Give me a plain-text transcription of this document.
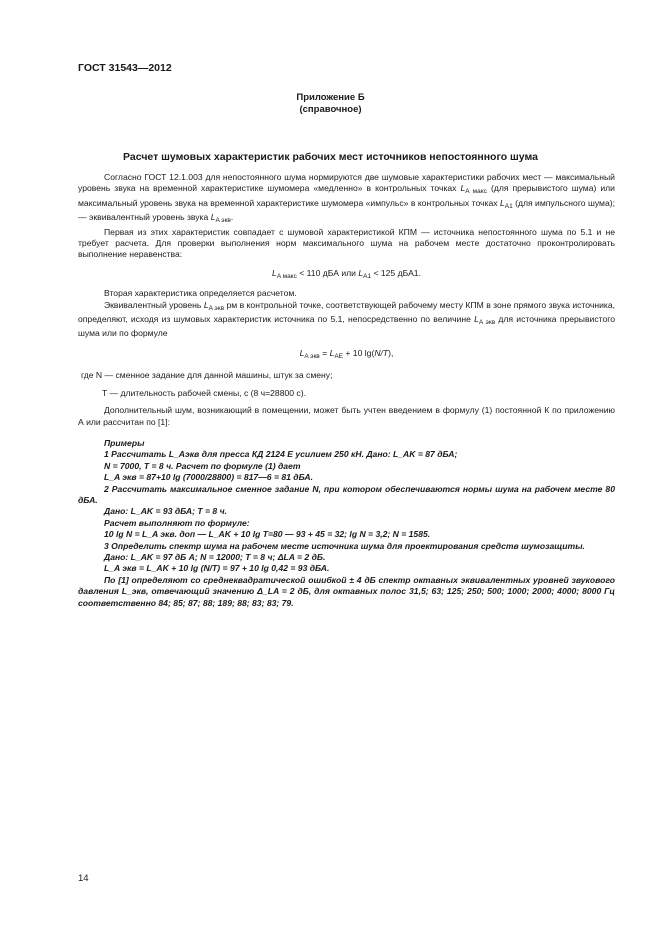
ГОСТ 31543—2012
Приложение Б
(справочное)
Расчет шумовых характеристик рабочих мест источников непостоянного шума

Согласно ГОСТ 12.1.003 для непостоянного шума нормируются две шумовые характеристики рабочих мест — максимальный уровень звука на временной характеристике шумомера «медленно» в контрольных точках $L_{A макс}$ (для прерывистого шума) или максимальный уровень звука на временной характеристике шумомера «импульс» в контрольных точках $L_{A1}$ (для импульсного шума); — эквивалентный уровень звука $L_{A экв}$.

Первая из этих характеристик совпадает с шумовой характеристикой КПМ — источника непостоянного шума по 5.1 и не требует расчета. Для проверки выполнения норм максимального шума на рабочем месте достаточно проконтролировать выполнение неравенства:

$L_{A макс} < 110$ дБА или $L_{A1} < 125$ дБА1.

Вторая характеристика определяется расчетом.

Эквивалентный уровень $L_{A экв}$ рм в контрольной точке, соответствующей рабочему месту КПМ в зоне прямого звука источника, определяют, исходя из шумовых характеристик источника по 5.1, непосредственно по величине $L_{A экв}$ для источника прерывистого шума или по формуле

$L_{A экв} = L_{AE} + 10$ lg(N/T),

где N — сменное задание для данной машины, штук за смену;

T — длительность рабочей смены, с (8 ч=28800 с).

Дополнительный шум, возникающий в помещении, может быть учтен введением в формулу (1) постоянной К по приложению А или рассчитан по [1]:

Примеры

1 Рассчитать L_Аэкв для пресса КД 2124 Е усилием 250 кН. Дано: L_AK = 87 дБА;

N = 7000, T = 8 ч. Расчет по формуле (1) дает

L_A экв = 87+10 lg (7000/28800) = 817—6 = 81 дБА.

2 Рассчитать максимальное сменное задание N, при котором обеспечиваются нормы шума на рабочем месте 80 дБА.

Дано: L_AK = 93 дБА; T = 8 ч.

Расчет выполняют по формуле:

10 lg N = L_A экв. доп — L_AK + 10 lg T=80 — 93 + 45 = 32; lg N = 3,2; N = 1585.

3 Определить спектр шума на рабочем месте источника шума для проектирования средств шумозащиты.

Дано: L_AK = 97 дБ A; N = 12000; T = 8 ч; ΔLA = 2 дБ.

L_A экв = L_AK + 10 lg (N/T) = 97 + 10 lg 0,42 = 93 дБА.

По [1] определяют со среднеквадратической ошибкой ± 4 дБ спектр октавных эквивалентных уровней звукового давления L_экв, отвечающий значению Δ_LA = 2 дБ, для октавных полос 31,5; 63; 125; 250; 500; 1000; 2000; 4000; 8000 Гц соответственно 84; 85; 87; 88; 189; 88; 83; 83; 79.

14
